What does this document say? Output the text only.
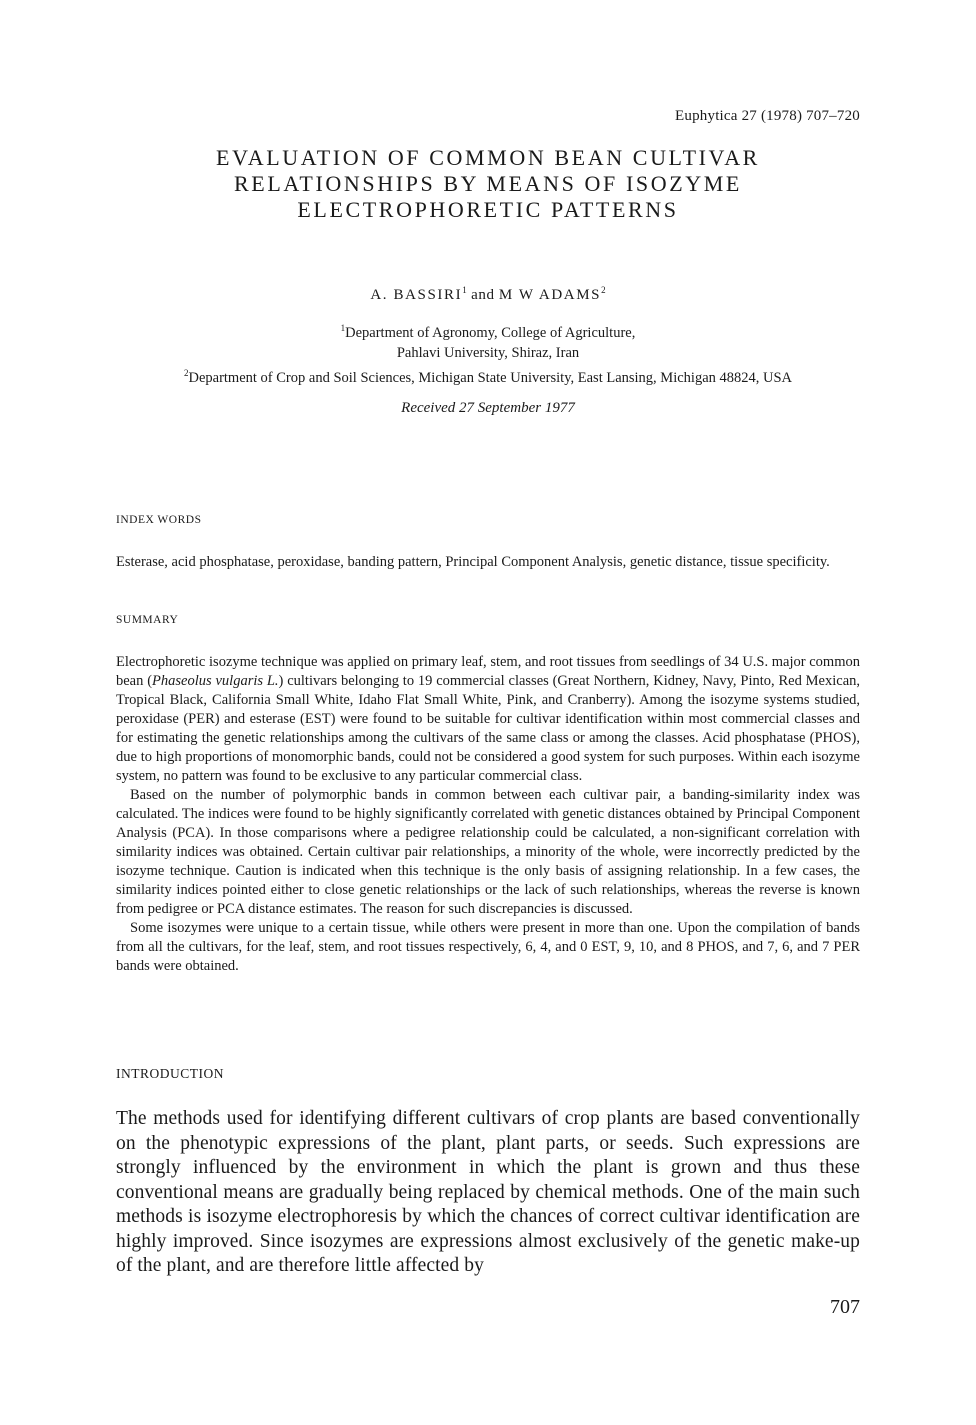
Euphytica 27 (1978) 707–720
EVALUATION OF COMMON BEAN CULTIVAR
RELATIONSHIPS BY MEANS OF ISOZYME
ELECTROPHORETIC PATTERNS
A. BASSIRI$^1$ and M W ADAMS$^2$
$^1$Department of Agronomy, College of Agriculture,
Pahlavi University, Shiraz, Iran
$^2$Department of Crop and Soil Sciences, Michigan State University, East Lansing, Michigan 48824, USA
Received 27 September 1977
INDEX WORDS
Esterase, acid phosphatase, peroxidase, banding pattern, Principal Component Analysis, genetic distance, tissue specificity.
SUMMARY

Electrophoretic isozyme technique was applied on primary leaf, stem, and root tissues from seedlings of 34 U.S. major common bean (Phaseolus vulgaris L.) cultivars belonging to 19 commercial classes (Great Northern, Kidney, Navy, Pinto, Red Mexican, Tropical Black, California Small White, Idaho Flat Small White, Pink, and Cranberry). Among the isozyme systems studied, peroxidase (PER) and esterase (EST) were found to be suitable for cultivar identification within most commercial classes and for estimating the genetic relationships among the cultivars of the same class or among the classes. Acid phosphatase (PHOS), due to high proportions of monomorphic bands, could not be considered a good system for such purposes. Within each isozyme system, no pattern was found to be exclusive to any particular commercial class.

Based on the number of polymorphic bands in common between each cultivar pair, a banding-similarity index was calculated. The indices were found to be highly significantly correlated with genetic distances obtained by Principal Component Analysis (PCA). In those comparisons where a pedigree relationship could be calculated, a non-significant correlation with similarity indices was obtained. Certain cultivar pair relationships, a minority of the whole, were incorrectly predicted by the isozyme technique. Caution is indicated when this technique is the only basis of assigning relationship. In a few cases, the similarity indices pointed either to close genetic relationships or the lack of such relationships, whereas the reverse is known from pedigree or PCA distance estimates. The reason for such discrepancies is discussed.

Some isozymes were unique to a certain tissue, while others were present in more than one. Upon the compilation of bands from all the cultivars, for the leaf, stem, and root tissues respectively, 6, 4, and 0 EST, 9, 10, and 8 PHOS, and 7, 6, and 7 PER bands were obtained.

INTRODUCTION

The methods used for identifying different cultivars of crop plants are based conventionally on the phenotypic expressions of the plant, plant parts, or seeds. Such expressions are strongly influenced by the environment in which the plant is grown and thus these conventional means are gradually being replaced by chemical methods. One of the main such methods is isozyme electrophoresis by which the chances of correct cultivar identification are highly improved. Since isozymes are expressions almost exclusively of the genetic make-up of the plant, and are therefore little affected by

707
